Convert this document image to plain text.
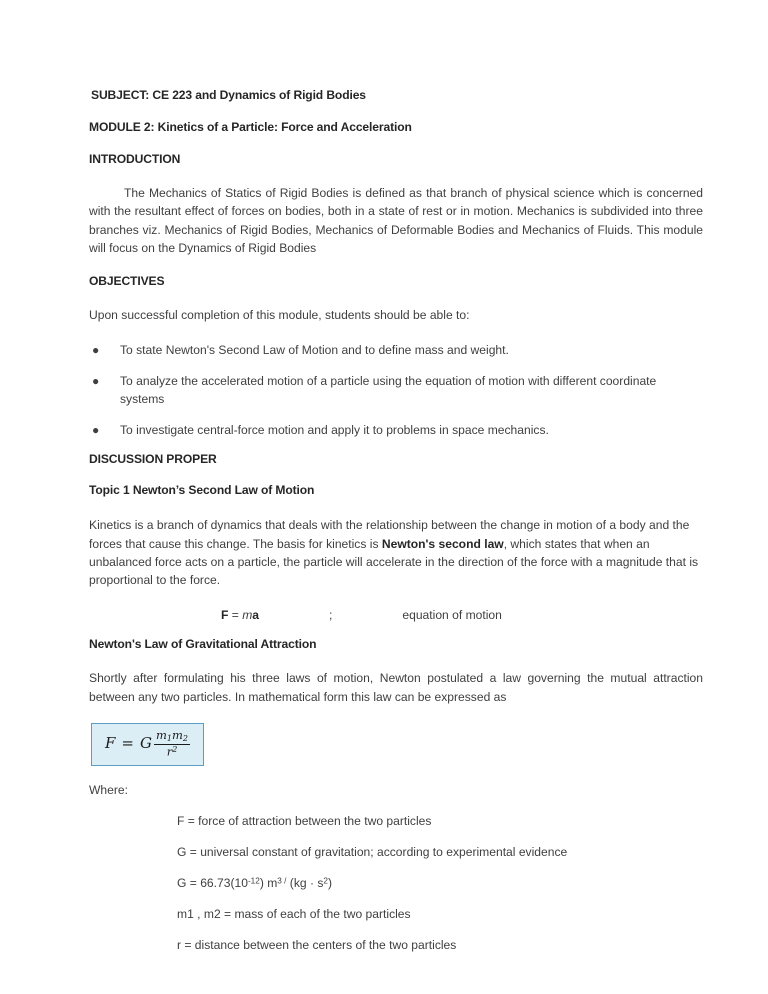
SUBJECT: CE 223 and Dynamics of Rigid Bodies
MODULE 2: Kinetics of a Particle: Force and Acceleration
INTRODUCTION

The Mechanics of Statics of Rigid Bodies is defined as that branch of physical science which is concerned with the resultant effect of forces on bodies, both in a state of rest or in motion. Mechanics is subdivided into three branches viz. Mechanics of Rigid Bodies, Mechanics of Deformable Bodies and Mechanics of Fluids. This module will focus on the Dynamics of Rigid Bodies

OBJECTIVES

Upon successful completion of this module, students should be able to:

● To state Newton's Second Law of Motion and to define mass and weight.
● To analyze the accelerated motion of a particle using the equation of motion with different coordinate systems
● To investigate central-force motion and apply it to problems in space mechanics.
DISCUSSION PROPER
Topic 1 Newton’s Second Law of Motion

Kinetics is a branch of dynamics that deals with the relationship between the change in motion of a body and the forces that cause this change. The basis for kinetics is Newton's second law, which states that when an unbalanced force acts on a particle, the particle will accelerate in the direction of the force with a magnitude that is proportional to the force.

F = ma	;	equation of motion
Newton's Law of Gravitational Attraction

Shortly after formulating his three laws of motion, Newton postulated a law governing the mutual attraction between any two particles. In mathematical form this law can be expressed as

F = G $\frac{m_1m_2}{r^2}$
Where:
F = force of attraction between the two particles
G = universal constant of gravitation; according to experimental evidence
$G = 66.73(10^{-12})$ $m^{3 /}$ $(kg \cdot s^2)$
m1 , m2 = mass of each of the two particles
r = distance between the centers of the two particles
